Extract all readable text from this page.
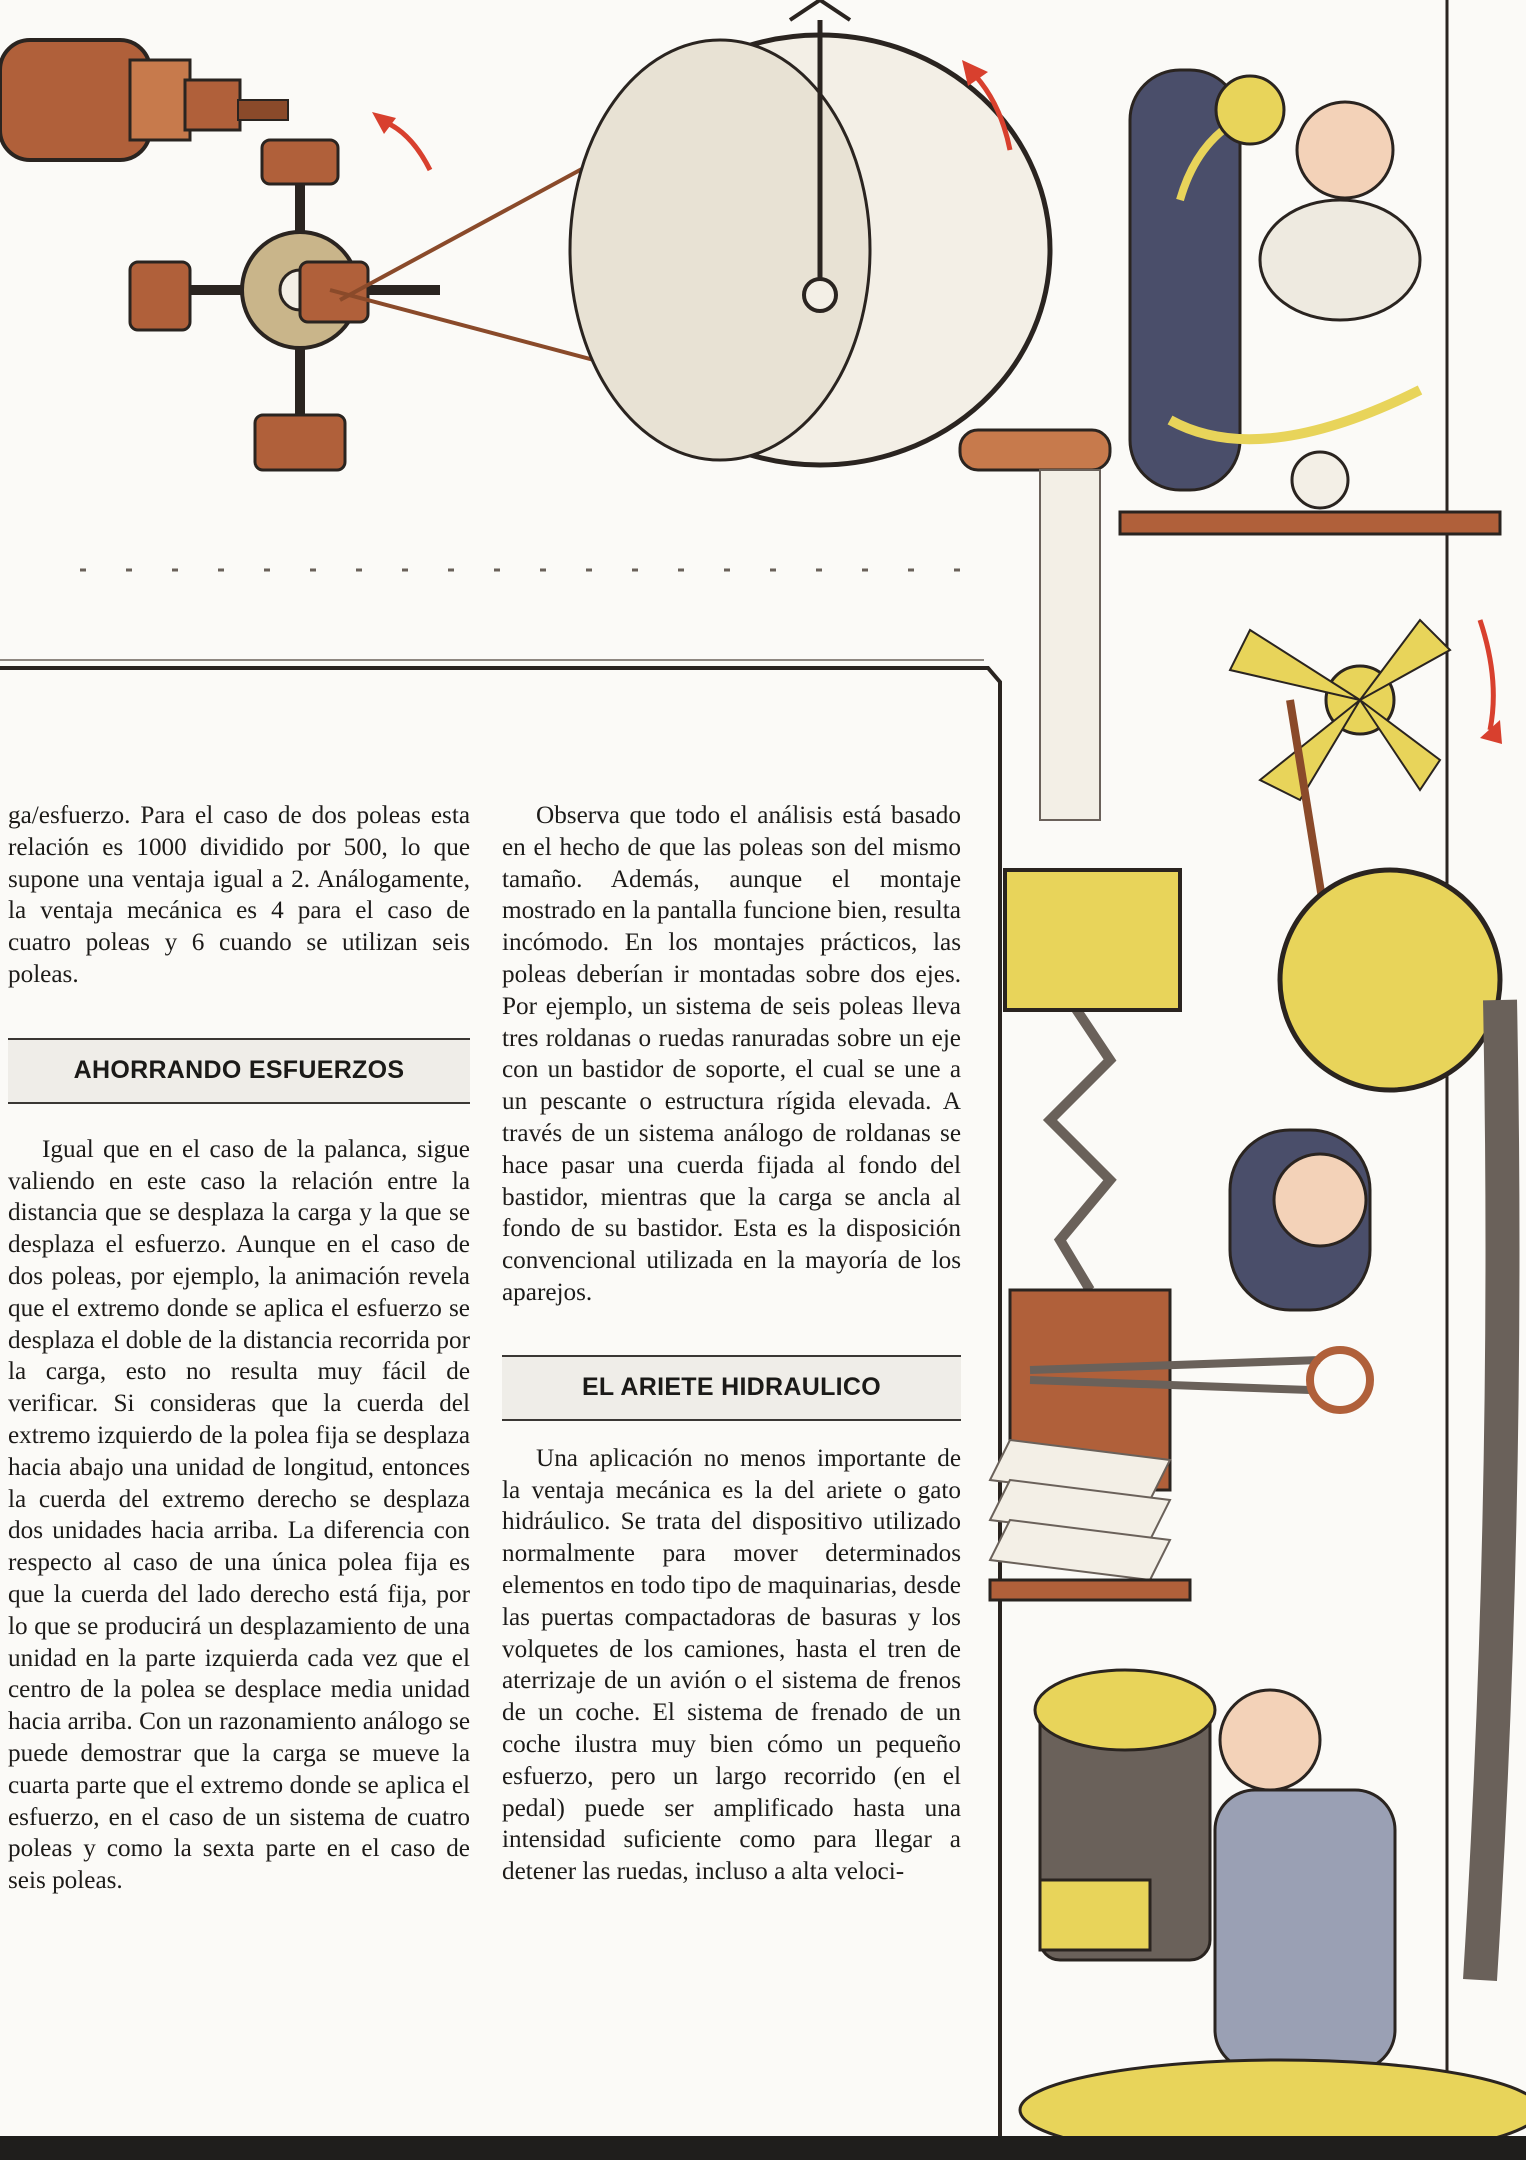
ga/esfuerzo. Para el caso de dos poleas esta relación es 1000 dividido por 500, lo que supone una ventaja igual a 2. Análogamente, la ventaja mecánica es 4 para el caso de cuatro poleas y 6 cuando se utilizan seis poleas.

AHORRANDO ESFUERZOS

Igual que en el caso de la palanca, sigue valiendo en este caso la relación entre la distancia que se desplaza la carga y la que se desplaza el esfuerzo. Aunque en el caso de dos poleas, por ejemplo, la animación revela que el extremo donde se aplica el esfuerzo se desplaza el doble de la distancia recorrida por la carga, esto no resulta muy fácil de verificar. Si consideras que la cuerda del extremo izquierdo de la polea fija se desplaza hacia abajo una unidad de longitud, entonces la cuerda del extremo derecho se desplaza dos unidades hacia arriba. La diferencia con respecto al caso de una única polea fija es que la cuerda del lado derecho está fija, por lo que se producirá un desplazamiento de una unidad en la parte izquierda cada vez que el centro de la polea se desplace media unidad hacia arriba. Con un razonamiento análogo se puede demostrar que la carga se mueve la cuarta parte que el extremo donde se aplica el esfuerzo, en el caso de un sistema de cuatro poleas y como la sexta parte en el caso de seis poleas.

Observa que todo el análisis está basado en el hecho de que las poleas son del mismo tamaño. Además, aunque el montaje mostrado en la pantalla funcione bien, resulta incómodo. En los montajes prácticos, las poleas deberían ir montadas sobre dos ejes. Por ejemplo, un sistema de seis poleas lleva tres roldanas o ruedas ranuradas sobre un eje con un bastidor de soporte, el cual se une a un pescante o estructura rígida elevada. A través de un sistema análogo de roldanas se hace pasar una cuerda fijada al fondo del bastidor, mientras que la carga se ancla al fondo de su bastidor. Esta es la disposición convencional utilizada en la mayoría de los aparejos.

EL ARIETE HIDRAULICO

Una aplicación no menos importante de la ventaja mecánica es la del ariete o gato hidráulico. Se trata del dispositivo utilizado normalmente para mover determinados elementos en todo tipo de maquinarias, desde las puertas compactadoras de basuras y los volquetes de los camiones, hasta el tren de aterrizaje de un avión o el sistema de frenos de un coche. El sistema de frenado de un coche ilustra muy bien cómo un pequeño esfuerzo, pero un largo recorrido (en el pedal) puede ser amplificado hasta una intensidad suficiente como para llegar a detener las ruedas, incluso a alta veloci-
